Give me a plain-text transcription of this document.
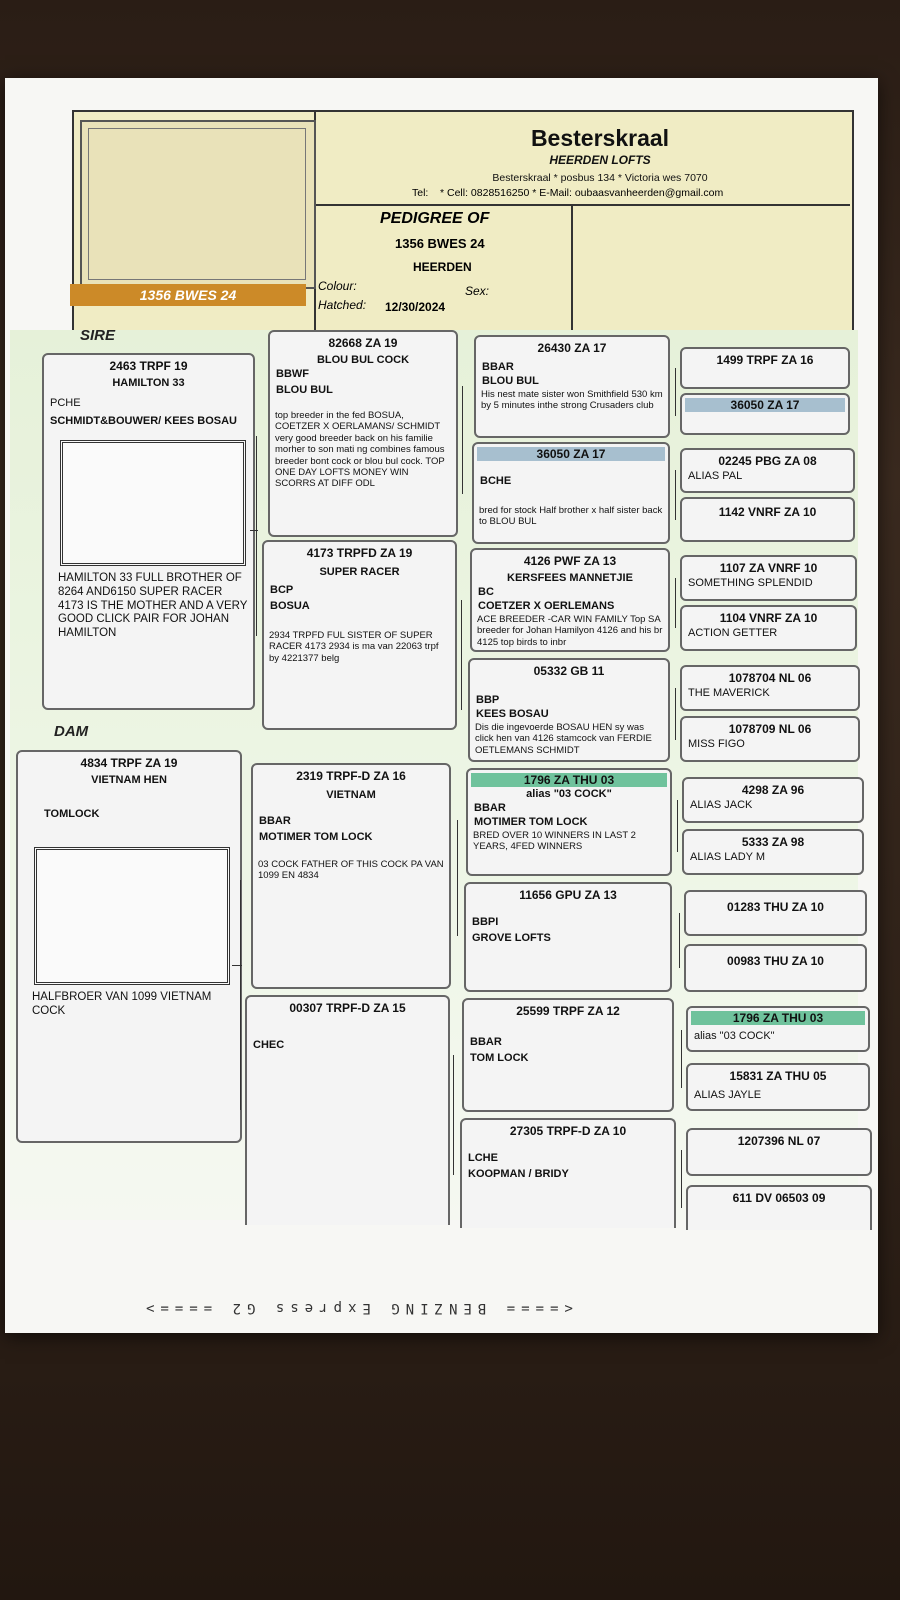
1356 BWES 24
Besterskraal
HEERDEN LOFTS
Besterskraal * posbus 134 * Victoria wes 7070
Tel: * Cell: 0828516250 * E-Mail: oubaasvanheerden@gmail.com
PEDIGREE OF
1356 BWES 24
HEERDEN
Colour:	Sex:
Hatched: 12/30/2024
SIRE
DAM
2463 TRPF 19
HAMILTON 33
PCHE
SCHMIDT&BOUWER/ KEES BOSAU
HAMILTON 33 FULL BROTHER OF 8264 AND6150 SUPER RACER 4173 IS THE MOTHER AND A VERY GOOD CLICK PAIR FOR JOHAN HAMILTON
4834 TRPF ZA 19
VIETNAM HEN
TOMLOCK
HALFBROER VAN 1099 VIETNAM COCK
82668 ZA 19
BLOU BUL COCK
BBWF
BLOU BUL
top breeder in the fed BOSUA, COETZER X OERLAMANS/ SCHMIDT very good breeder back on his familie morher to son mati ng combines famous breeder bont cock or blou bul cock. TOP ONE DAY LOFTS MONEY WIN SCORRS AT DIFF ODL
4173 TRPFD ZA 19
SUPER RACER
BCP
BOSUA
2934 TRPFD FUL SISTER OF SUPER RACER 4173 2934 is ma van 22063 trpf by 4221377 belg
2319 TRPF-D ZA 16
VIETNAM
BBAR
MOTIMER TOM LOCK
03 COCK FATHER OF THIS COCK PA VAN 1099 EN 4834
00307 TRPF-D ZA 15
CHEC
26430 ZA 17
BBAR
BLOU BUL
His nest mate sister won Smithfield 530 km by 5 minutes inthe strong Crusaders club
36050 ZA 17
BCHE
bred for stock Half brother x half sister back to BLOU BUL
4126 PWF ZA 13
KERSFEES MANNETJIE
BC
COETZER X OERLEMANS
ACE BREEDER -CAR WIN FAMILY Top SA breeder for Johan Hamilyon 4126 and his br 4125 top birds to inbr
05332 GB 11
BBP
KEES BOSAU
Dis die ingevoerde BOSAU HEN sy was click hen van 4126 stamcock van FERDIE OETLEMANS SCHMIDT
1796 ZA THU 03
alias "03 COCK"
BBAR
MOTIMER TOM LOCK
BRED OVER 10 WINNERS IN LAST 2 YEARS, 4FED WINNERS
11656 GPU ZA 13
BBPI
GROVE LOFTS
25599 TRPF ZA 12
BBAR
TOM LOCK
27305 TRPF-D ZA 10
LCHE
KOOPMAN / BRIDY
1499 TRPF ZA 16
36050 ZA 17
02245 PBG ZA 08
ALIAS PAL
1142 VNRF ZA 10
1107 ZA VNRF 10
SOMETHING SPLENDID
1104 VNRF ZA 10
ACTION GETTER
1078704 NL 06
THE MAVERICK
1078709 NL 06
MISS FIGO
4298 ZA 96
ALIAS JACK
5333 ZA 98
ALIAS LADY M
01283 THU ZA 10
00983 THU ZA 10
1796 ZA THU 03
alias "03 COCK"
15831 ZA THU 05
ALIAS JAYLE
1207396 NL 07
611 DV 06503 09
<==== BENZING Express G2 ====>
